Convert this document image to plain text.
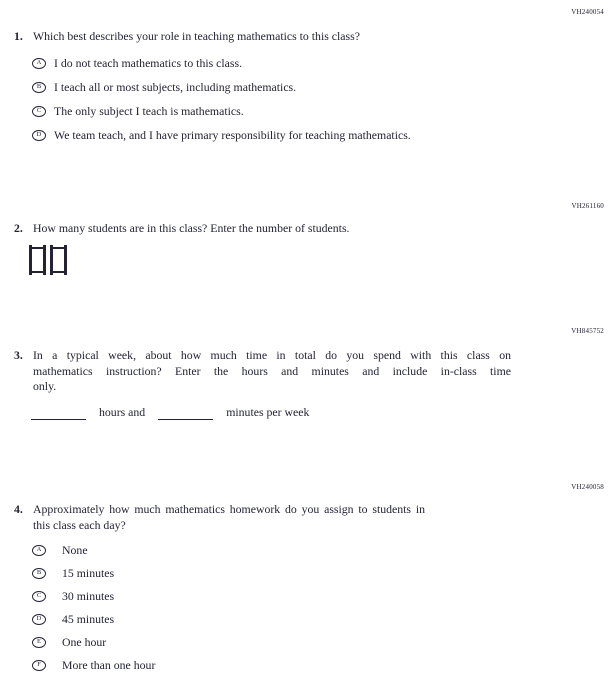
VH240054
VH261160
VH845752
VH240058
1. Which best describes your role in teaching mathematics to this class?
A I do not teach mathematics to this class.
B I teach all or most subjects, including mathematics.
C The only subject I teach is mathematics.
D We team teach, and I have primary responsibility for teaching mathematics.
2. How many students are in this class? Enter the number of students.
3. In a typical week, about how much time in total do you spend with this class on
mathematics instruction? Enter the hours and minutes and include in-class time
only.
hours and	minutes per week
4. Approximately how much mathematics homework do you assign to students in
this class each day?
A None
B 15 minutes
C 30 minutes
D 45 minutes
E One hour
F More than one hour
